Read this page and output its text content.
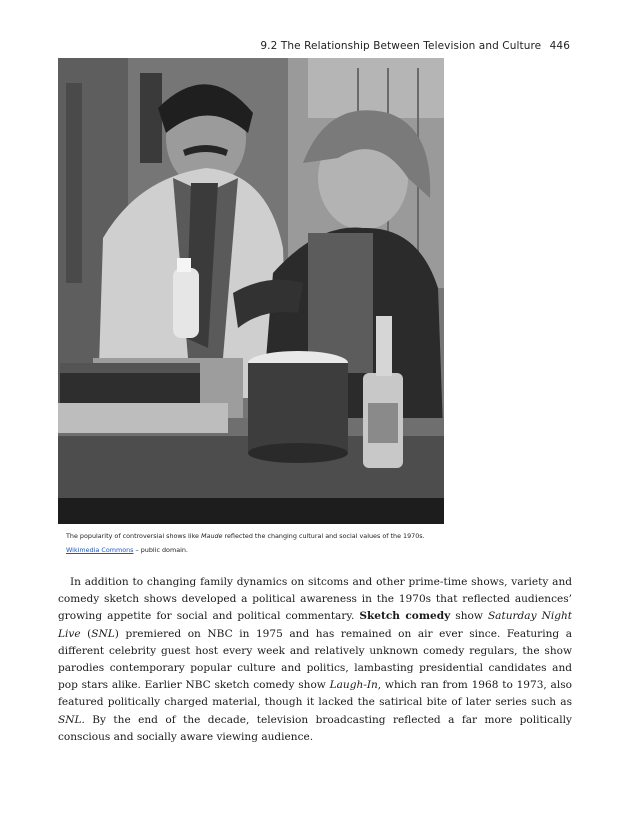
9.2 The Relationship Between Television and Culture 446
The popularity of controversial shows like Maude reflected the changing cultural and social values of the 1970s.
Wikimedia Commons – public domain.

In addition to changing family dynamics on sitcoms and other prime-time shows, variety and comedy sketch shows developed a political awareness in the 1970s that reflected audiences’ growing appetite for social and political commentary. Sketch comedy show Saturday Night Live (SNL) premiered on NBC in 1975 and has remained on air ever since. Featuring a different celebrity guest host every week and relatively unknown comedy regulars, the show parodies contemporary popular culture and politics, lambasting presidential candidates and pop stars alike. Earlier NBC sketch comedy show Laugh-In, which ran from 1968 to 1973, also featured politically charged material, though it lacked the satirical bite of later series such as SNL. By the end of the decade, television broadcasting reflected a far more politically conscious and socially aware viewing audience.
